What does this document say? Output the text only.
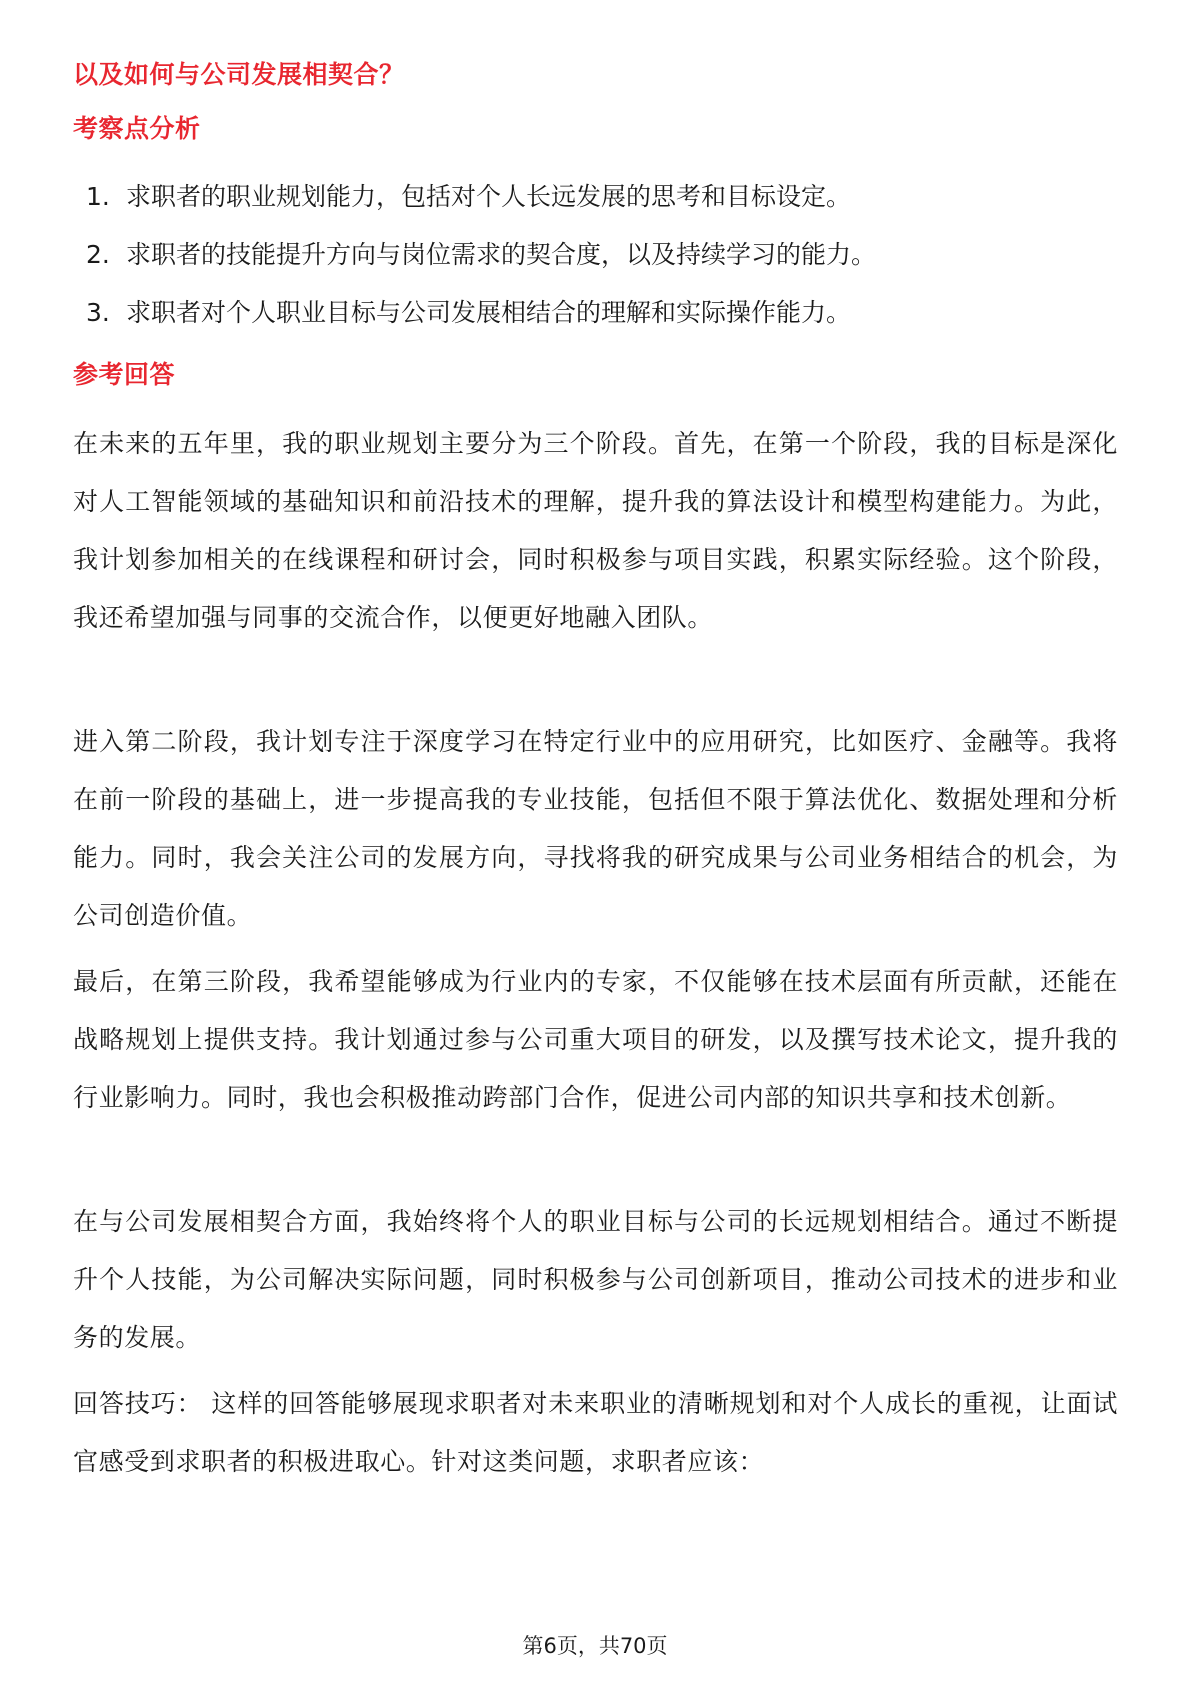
以及如何与公司发展相契合？
考察点分析
1. 求职者的职业规划能力，包括对个人长远发展的思考和目标设定。
2. 求职者的技能提升方向与岗位需求的契合度，以及持续学习的能力。
3. 求职者对个人职业目标与公司发展相结合的理解和实际操作能力。
参考回答

在未来的五年里，我的职业规划主要分为三个阶段。首先，在第一个阶段，我的目标是深化对人工智能领域的基础知识和前沿技术的理解，提升我的算法设计和模型构建能力。为此，我计划参加相关的在线课程和研讨会，同时积极参与项目实践，积累实际经验。这个阶段，我还希望加强与同事的交流合作，以便更好地融入团队。

进入第二阶段，我计划专注于深度学习在特定行业中的应用研究，比如医疗、金融等。我将在前一阶段的基础上，进一步提高我的专业技能，包括但不限于算法优化、数据处理和分析能力。同时，我会关注公司的发展方向，寻找将我的研究成果与公司业务相结合的机会，为公司创造价值。

最后，在第三阶段，我希望能够成为行业内的专家，不仅能够在技术层面有所贡献，还能在战略规划上提供支持。我计划通过参与公司重大项目的研发，以及撰写技术论文，提升我的行业影响力。同时，我也会积极推动跨部门合作，促进公司内部的知识共享和技术创新。

在与公司发展相契合方面，我始终将个人的职业目标与公司的长远规划相结合。通过不断提升个人技能，为公司解决实际问题，同时积极参与公司创新项目，推动公司技术的进步和业务的发展。

回答技巧： 这样的回答能够展现求职者对未来职业的清晰规划和对个人成长的重视，让面试官感受到求职者的积极进取心。针对这类问题，求职者应该：

第6页，共70页
